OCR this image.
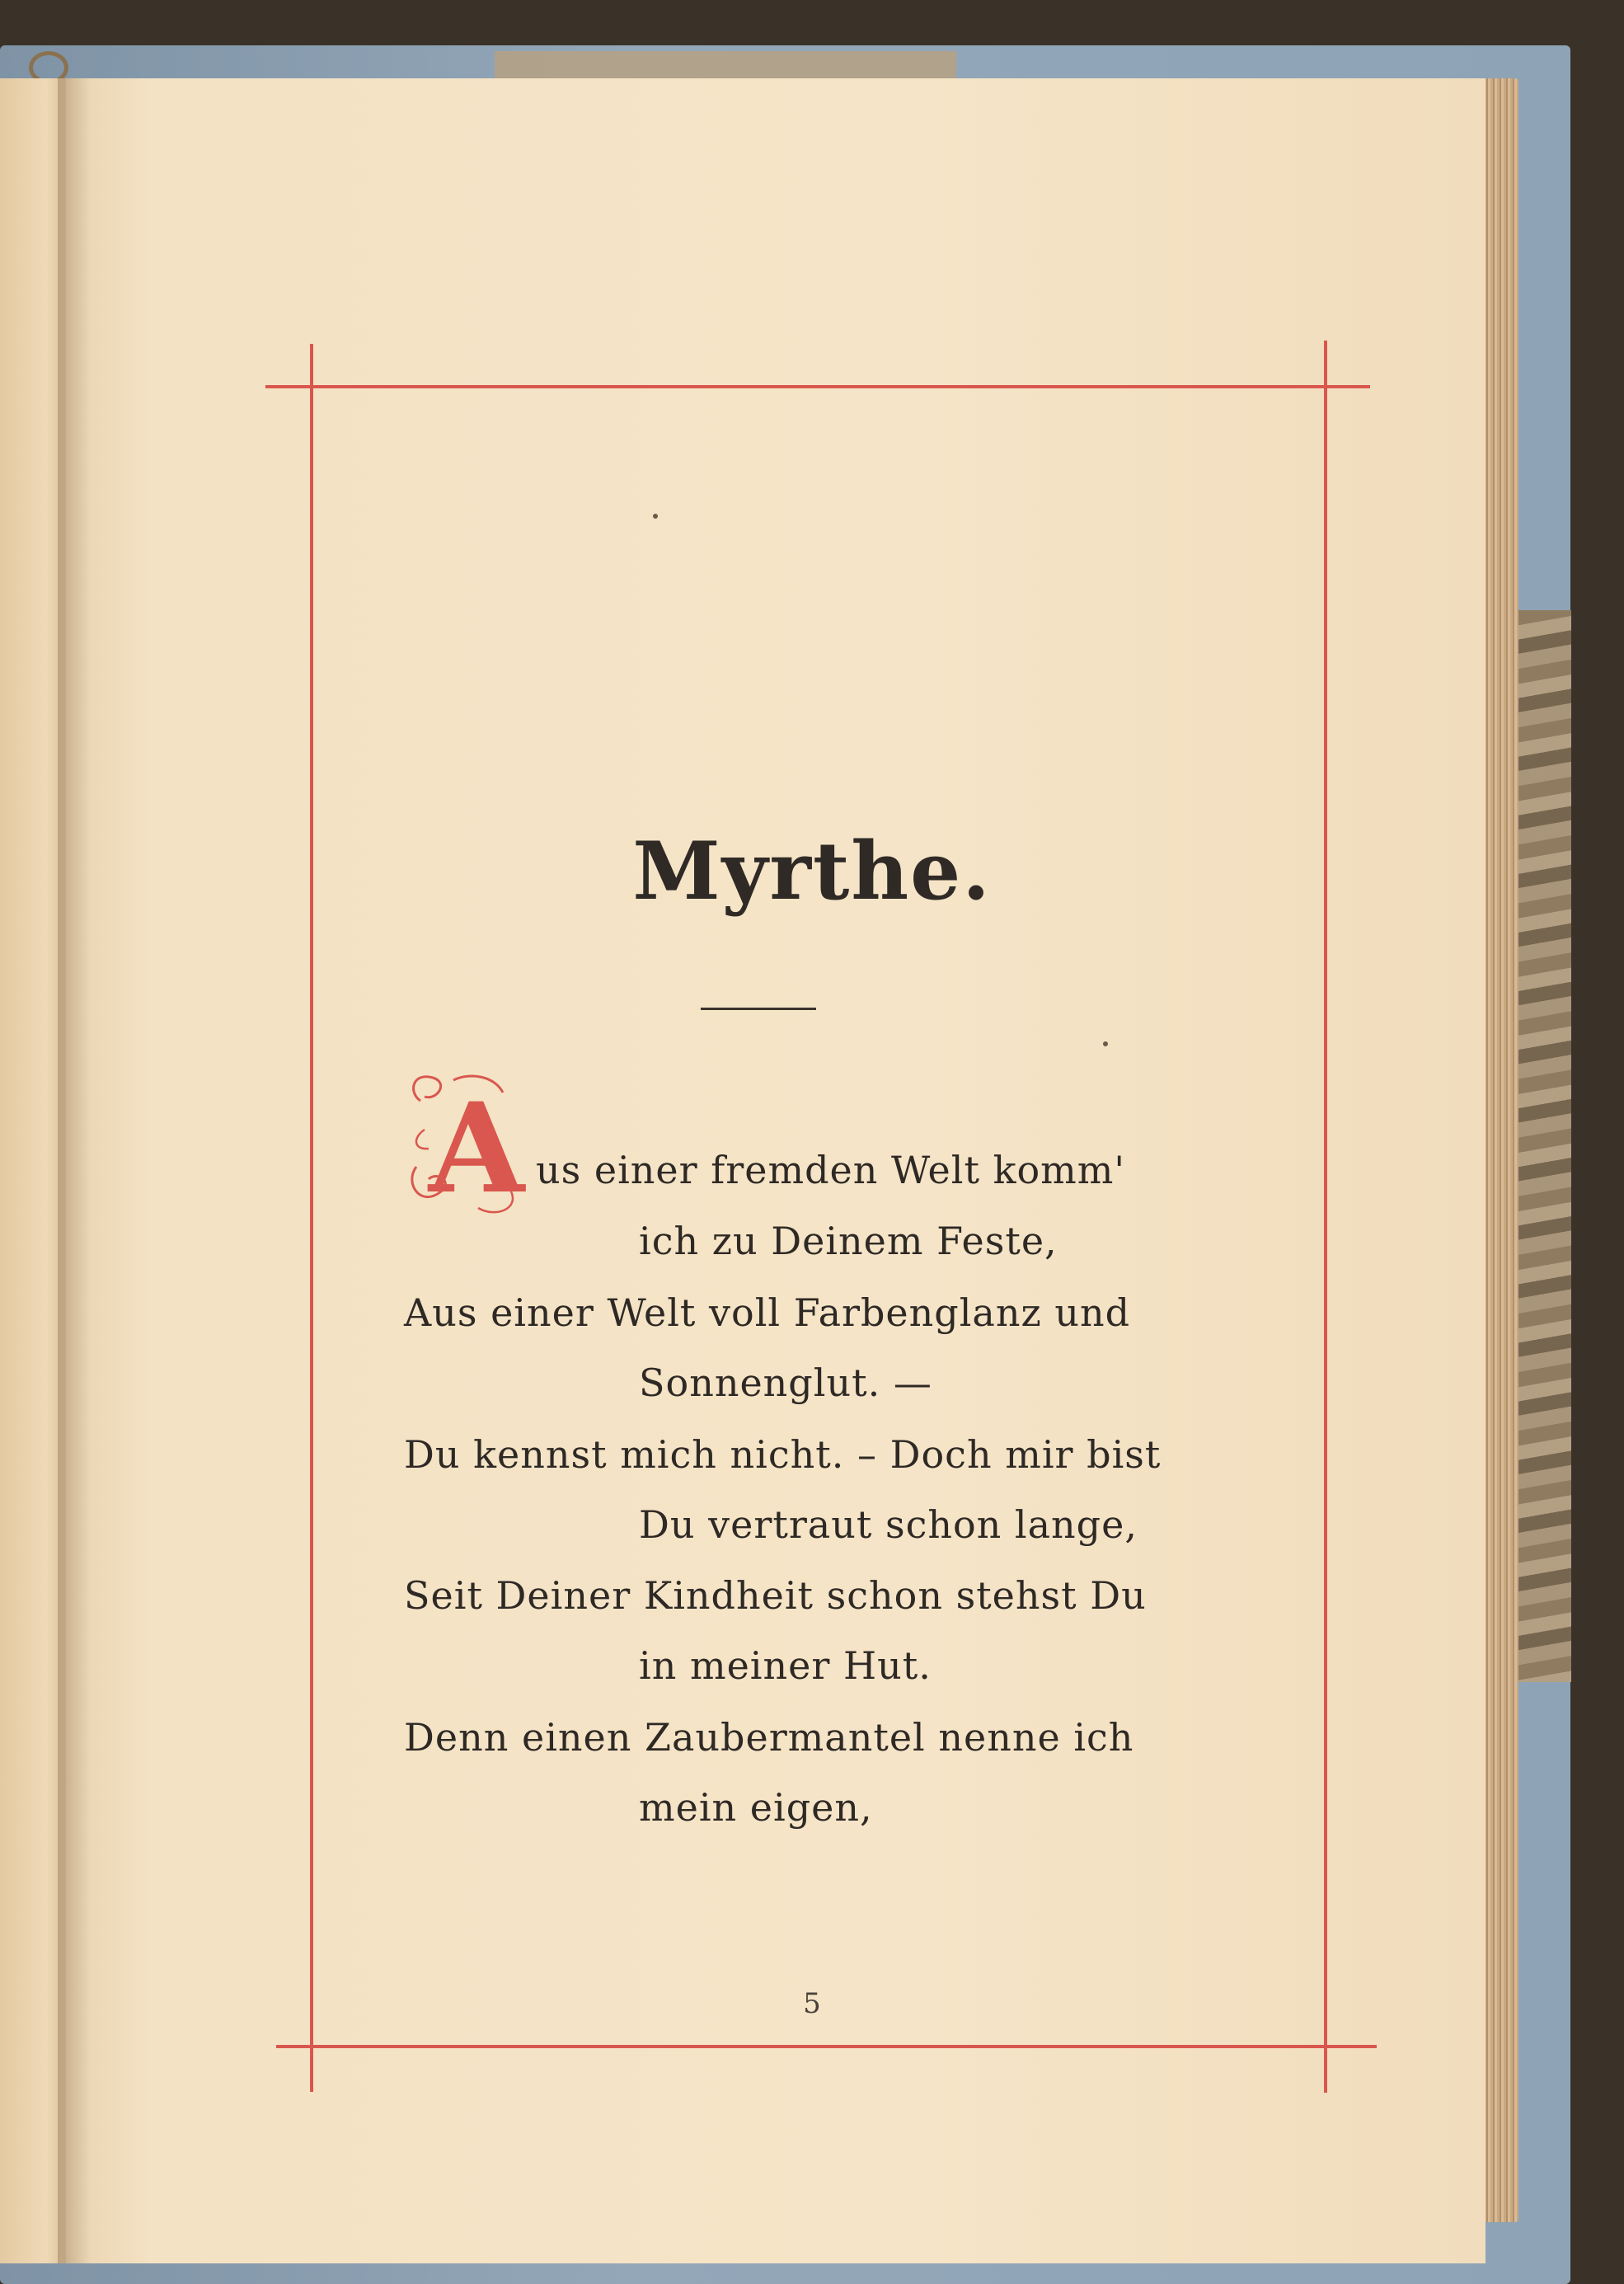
Myrthe.
A us einer fremden Welt komm'
ich zu Deinem Feste,
Aus einer Welt voll Farbenglanz und
Sonnenglut. —
Du kennst mich nicht. – Doch mir bist
Du vertraut schon lange,
Seit Deiner Kindheit schon stehst Du
in meiner Hut.
Denn einen Zaubermantel nenne ich
mein eigen,
5
